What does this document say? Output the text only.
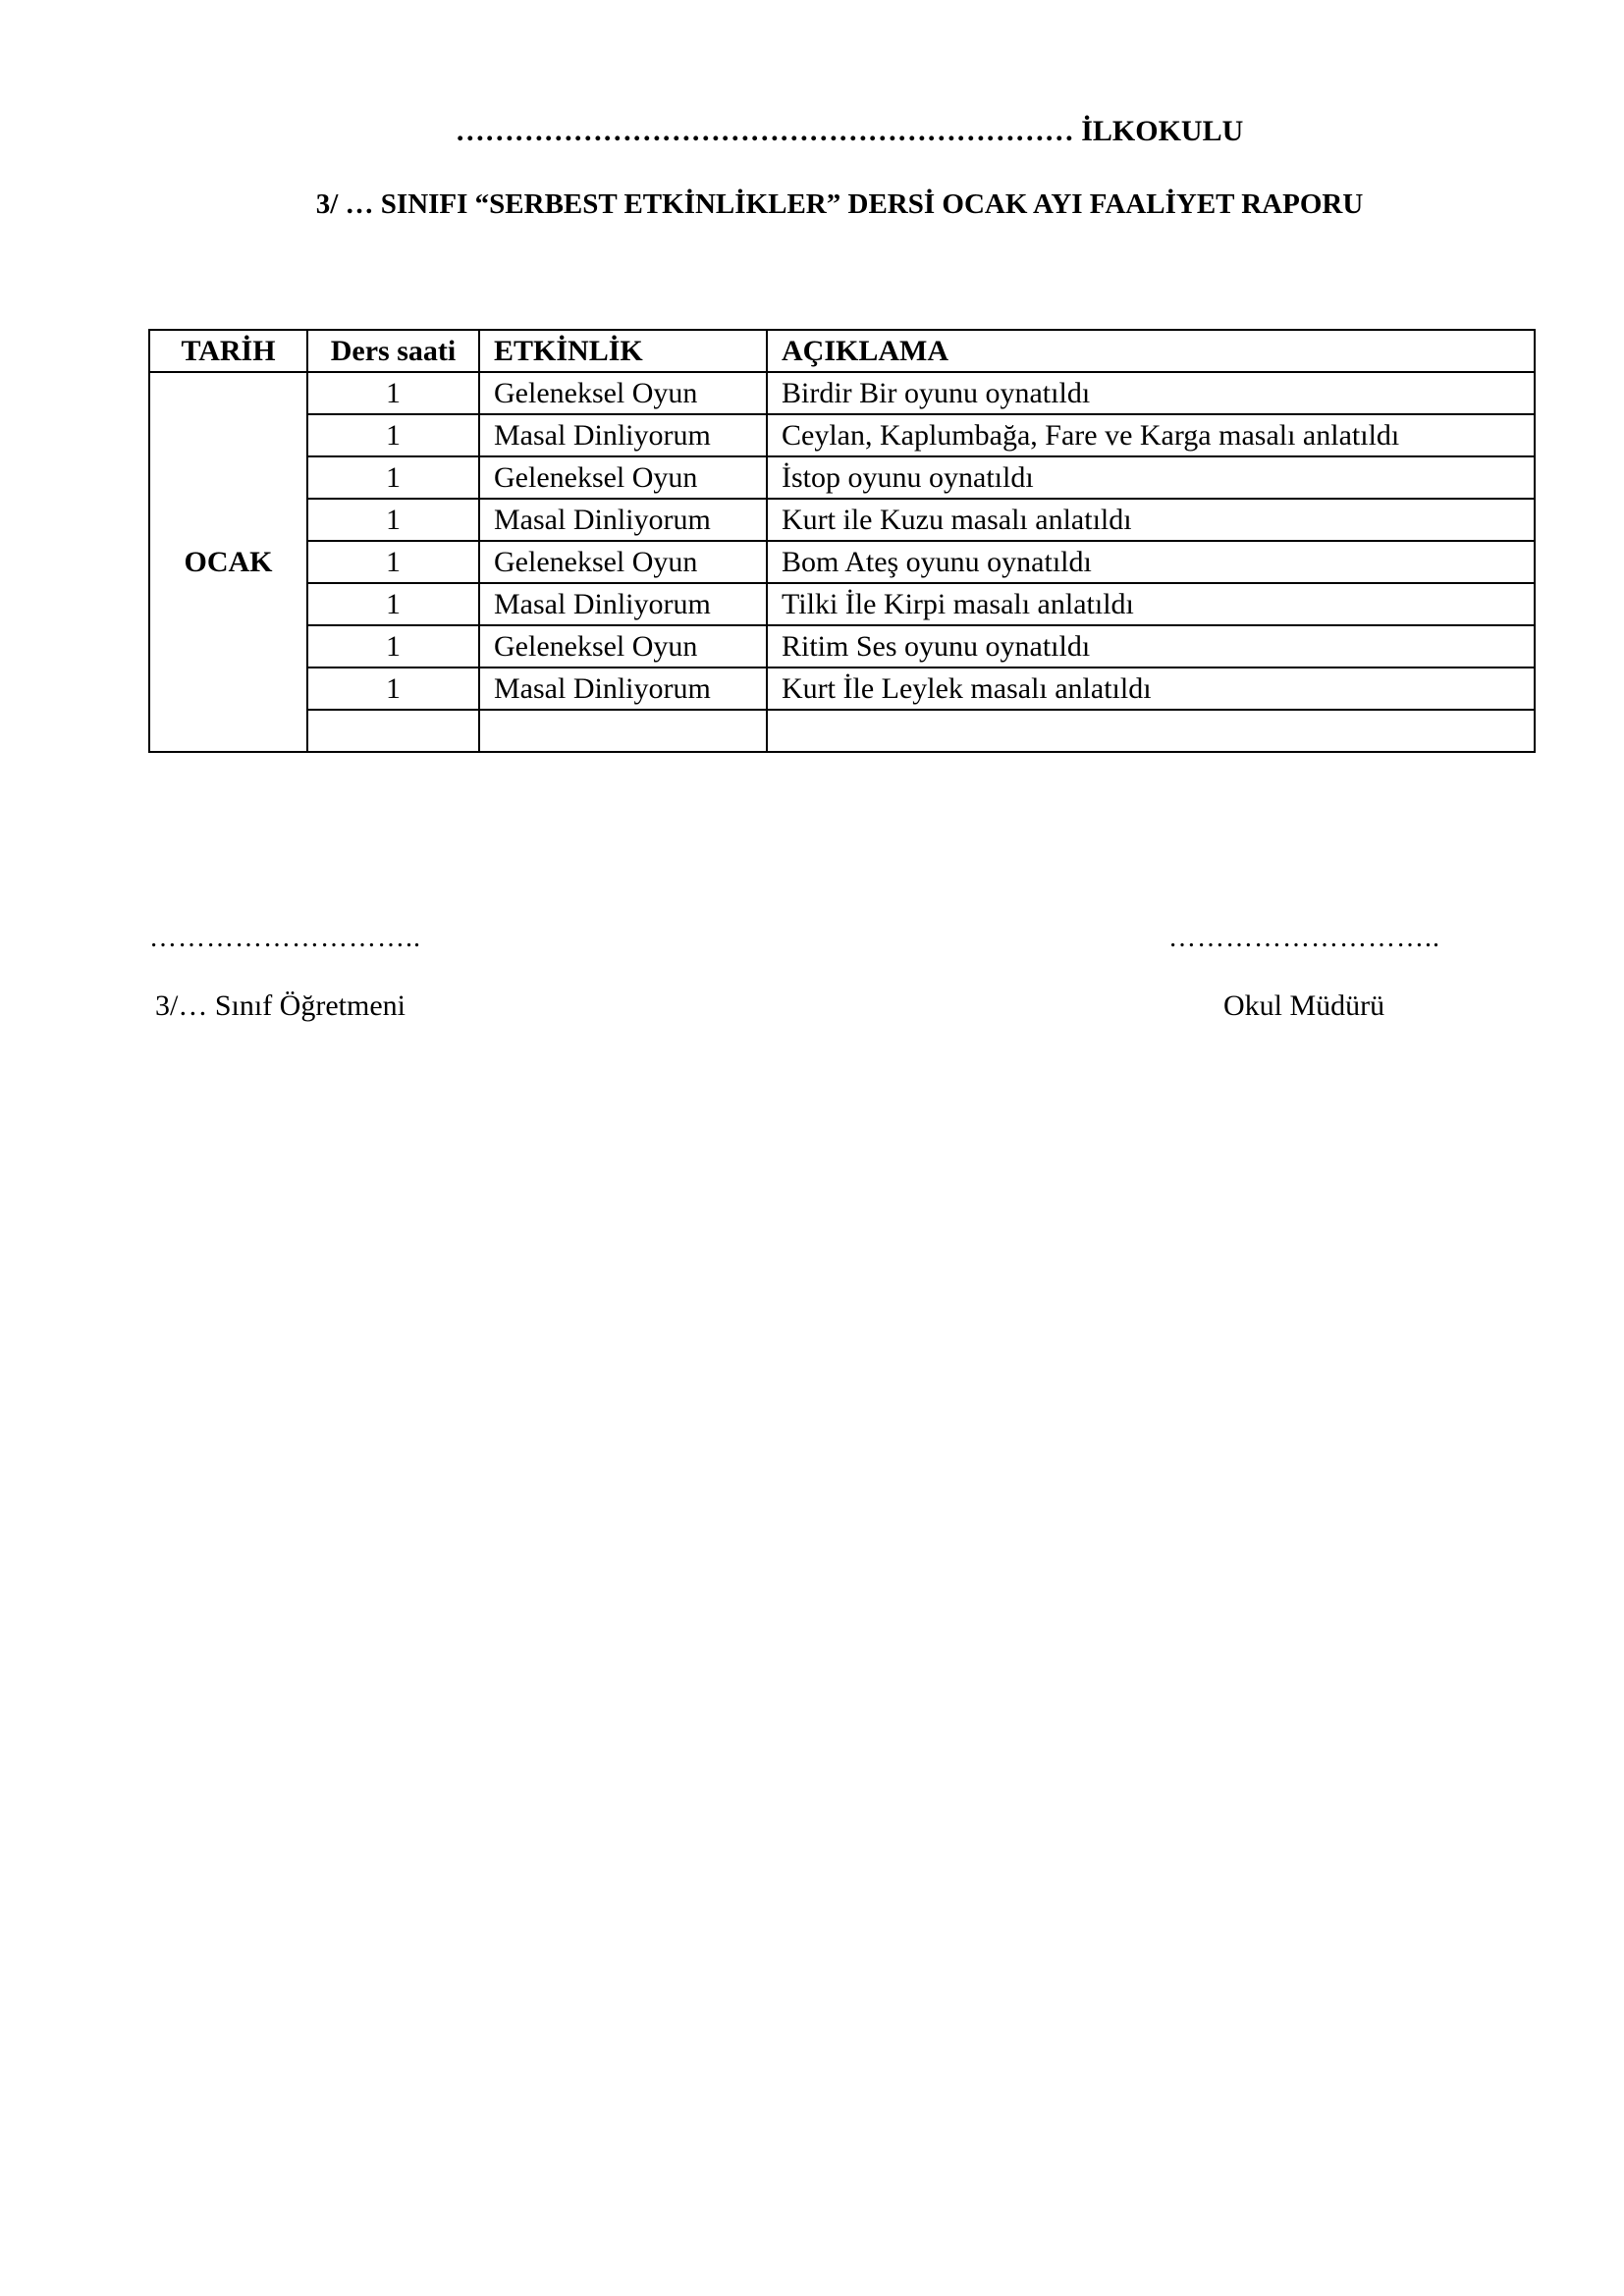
……………………………………………………… İLKOKULU
3/ … SINIFI “SERBEST ETKİNLİKLER” DERSİ OCAK AYI FAALİYET RAPORU
TARİH	Ders saati	ETKİNLİK	AÇIKLAMA
OCAK	1	Geleneksel Oyun	Birdir Bir oyunu oynatıldı
	1	Masal Dinliyorum	Ceylan, Kaplumbağa, Fare ve Karga masalı anlatıldı
	1	Geleneksel Oyun	İstop oyunu oynatıldı
	1	Masal Dinliyorum	Kurt ile Kuzu masalı anlatıldı
	1	Geleneksel Oyun	Bom Ateş oyunu oynatıldı
	1	Masal Dinliyorum	Tilki İle Kirpi masalı anlatıldı
	1	Geleneksel Oyun	Ritim Ses oyunu oynatıldı
	1	Masal Dinliyorum	Kurt İle Leylek masalı anlatıldı

………………………..	………………………..
3/… Sınıf Öğretmeni	Okul Müdürü
